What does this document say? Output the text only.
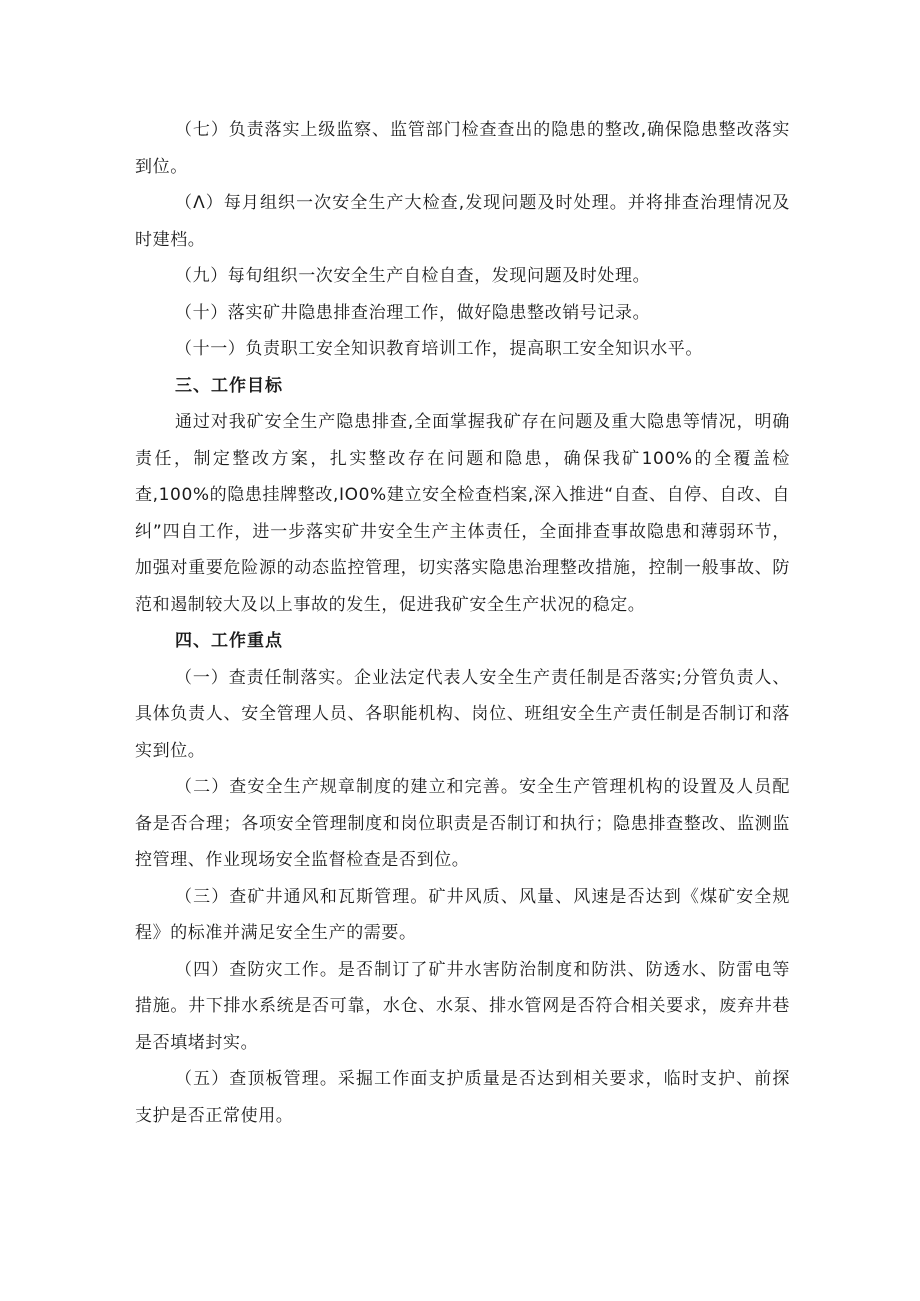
（七）负责落实上级监察、监管部门检查查出的隐患的整改,确保隐患整改落实到位。

（Λ）每月组织一次安全生产大检查,发现问题及时处理。并将排查治理情况及时建档。

（九）每旬组织一次安全生产自检自查，发现问题及时处理。

（十）落实矿井隐患排查治理工作，做好隐患整改销号记录。

（十一）负责职工安全知识教育培训工作，提高职工安全知识水平。

三、工作目标

通过对我矿安全生产隐患排查,全面掌握我矿存在问题及重大隐患等情况，明确责任，制定整改方案，扎实整改存在问题和隐患，确保我矿100%的全覆盖检查,100%的隐患挂牌整改,IO0%建立安全检查档案,深入推进“自查、自停、自改、自纠”四自工作，进一步落实矿井安全生产主体责任，全面排查事故隐患和薄弱环节，加强对重要危险源的动态监控管理，切实落实隐患治理整改措施，控制一般事故、防范和遏制较大及以上事故的发生，促进我矿安全生产状况的稳定。

四、工作重点

（一）查责任制落实。企业法定代表人安全生产责任制是否落实;分管负责人、具体负责人、安全管理人员、各职能机构、岗位、班组安全生产责任制是否制订和落实到位。

（二）查安全生产规章制度的建立和完善。安全生产管理机构的设置及人员配备是否合理；各项安全管理制度和岗位职责是否制订和执行；隐患排查整改、监测监控管理、作业现场安全监督检查是否到位。

（三）查矿井通风和瓦斯管理。矿井风质、风量、风速是否达到《煤矿安全规程》的标准并满足安全生产的需要。

（四）查防灾工作。是否制订了矿井水害防治制度和防洪、防透水、防雷电等措施。井下排水系统是否可靠，水仓、水泵、排水管网是否符合相关要求，废弃井巷是否填堵封实。

（五）查顶板管理。采掘工作面支护质量是否达到相关要求，临时支护、前探支护是否正常使用。
